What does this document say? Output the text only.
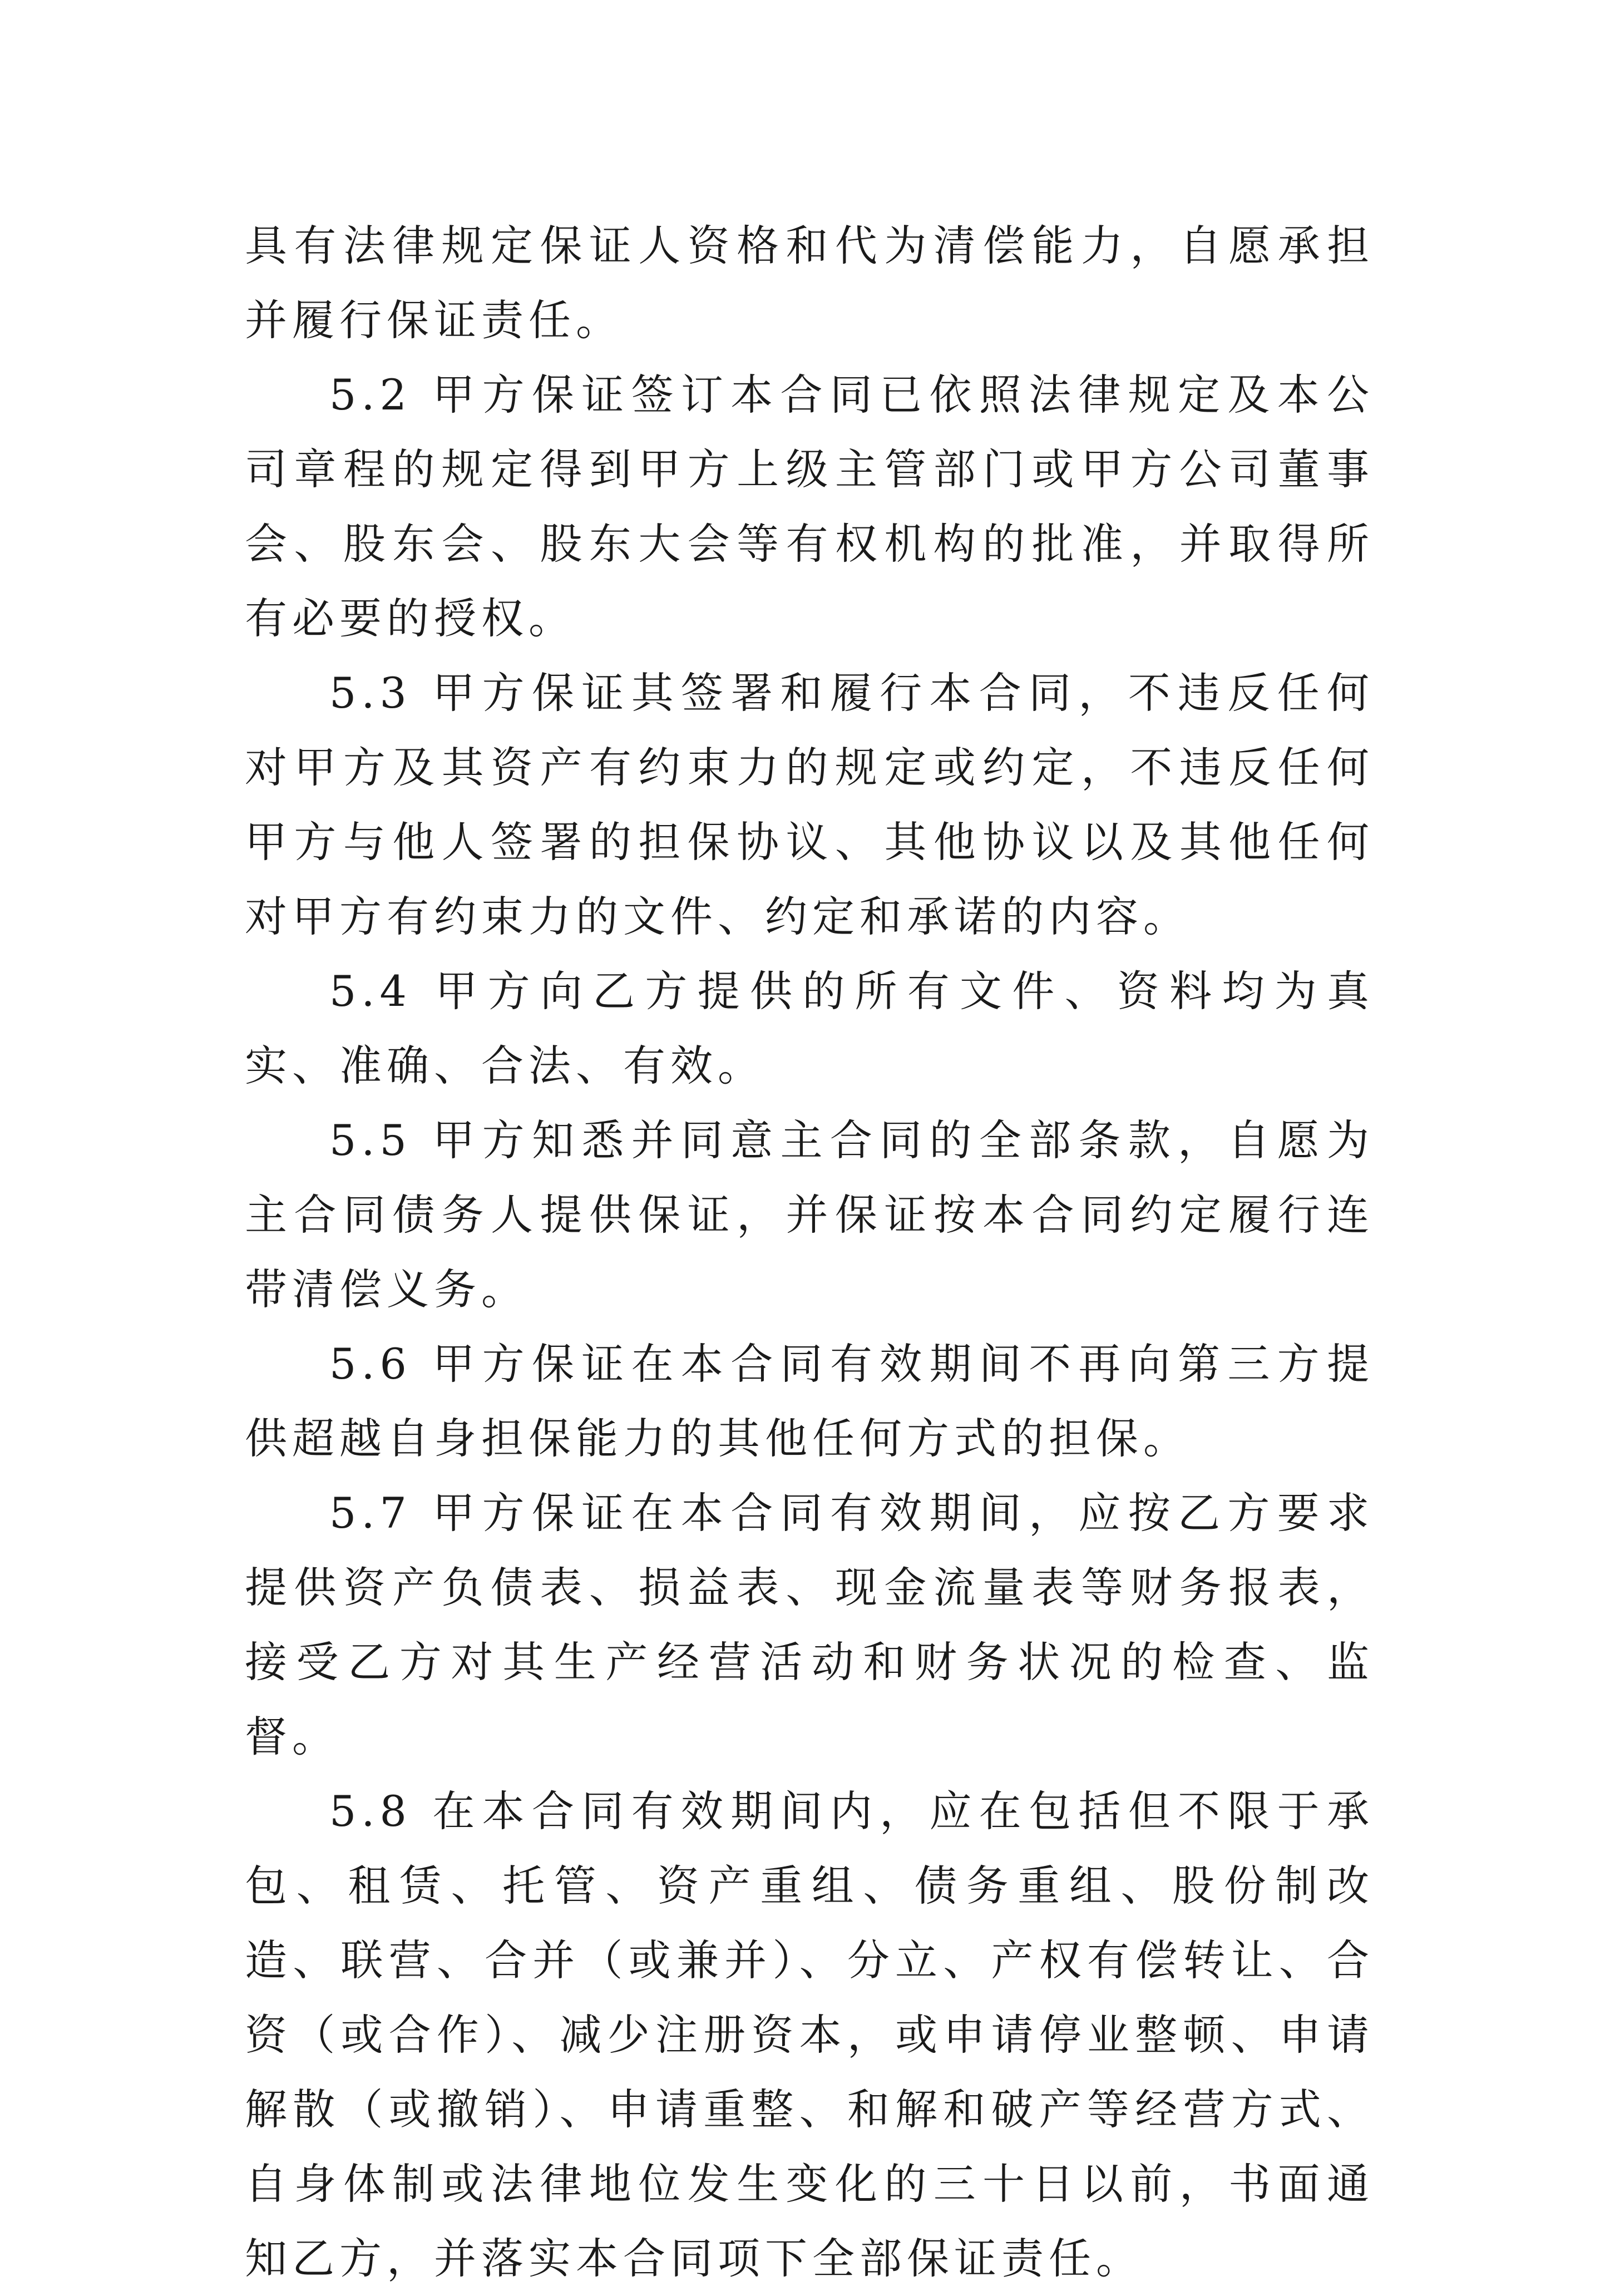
具有法律规定保证人资格和代为清偿能力，自愿承担并履行保证责任。

5.2 甲方保证签订本合同已依照法律规定及本公司章程的规定得到甲方上级主管部门或甲方公司董事会、股东会、股东大会等有权机构的批准，并取得所有必要的授权。

5.3 甲方保证其签署和履行本合同，不违反任何对甲方及其资产有约束力的规定或约定，不违反任何甲方与他人签署的担保协议、其他协议以及其他任何对甲方有约束力的文件、约定和承诺的内容。

5.4 甲方向乙方提供的所有文件、资料均为真实、准确、合法、有效。

5.5 甲方知悉并同意主合同的全部条款，自愿为主合同债务人提供保证，并保证按本合同约定履行连带清偿义务。

5.6 甲方保证在本合同有效期间不再向第三方提供超越自身担保能力的其他任何方式的担保。

5.7 甲方保证在本合同有效期间，应按乙方要求提供资产负债表、损益表、现金流量表等财务报表，接受乙方对其生产经营活动和财务状况的检查、监督。

5.8 在本合同有效期间内，应在包括但不限于承包、租赁、托管、资产重组、债务重组、股份制改造、联营、合并（或兼并）、分立、产权有偿转让、合资（或合作）、减少注册资本，或申请停业整顿、申请解散（或撤销）、申请重整、和解和破产等经营方式、自身体制或法律地位发生变化的三十日以前，书面通知乙方，并落实本合同项下全部保证责任。
